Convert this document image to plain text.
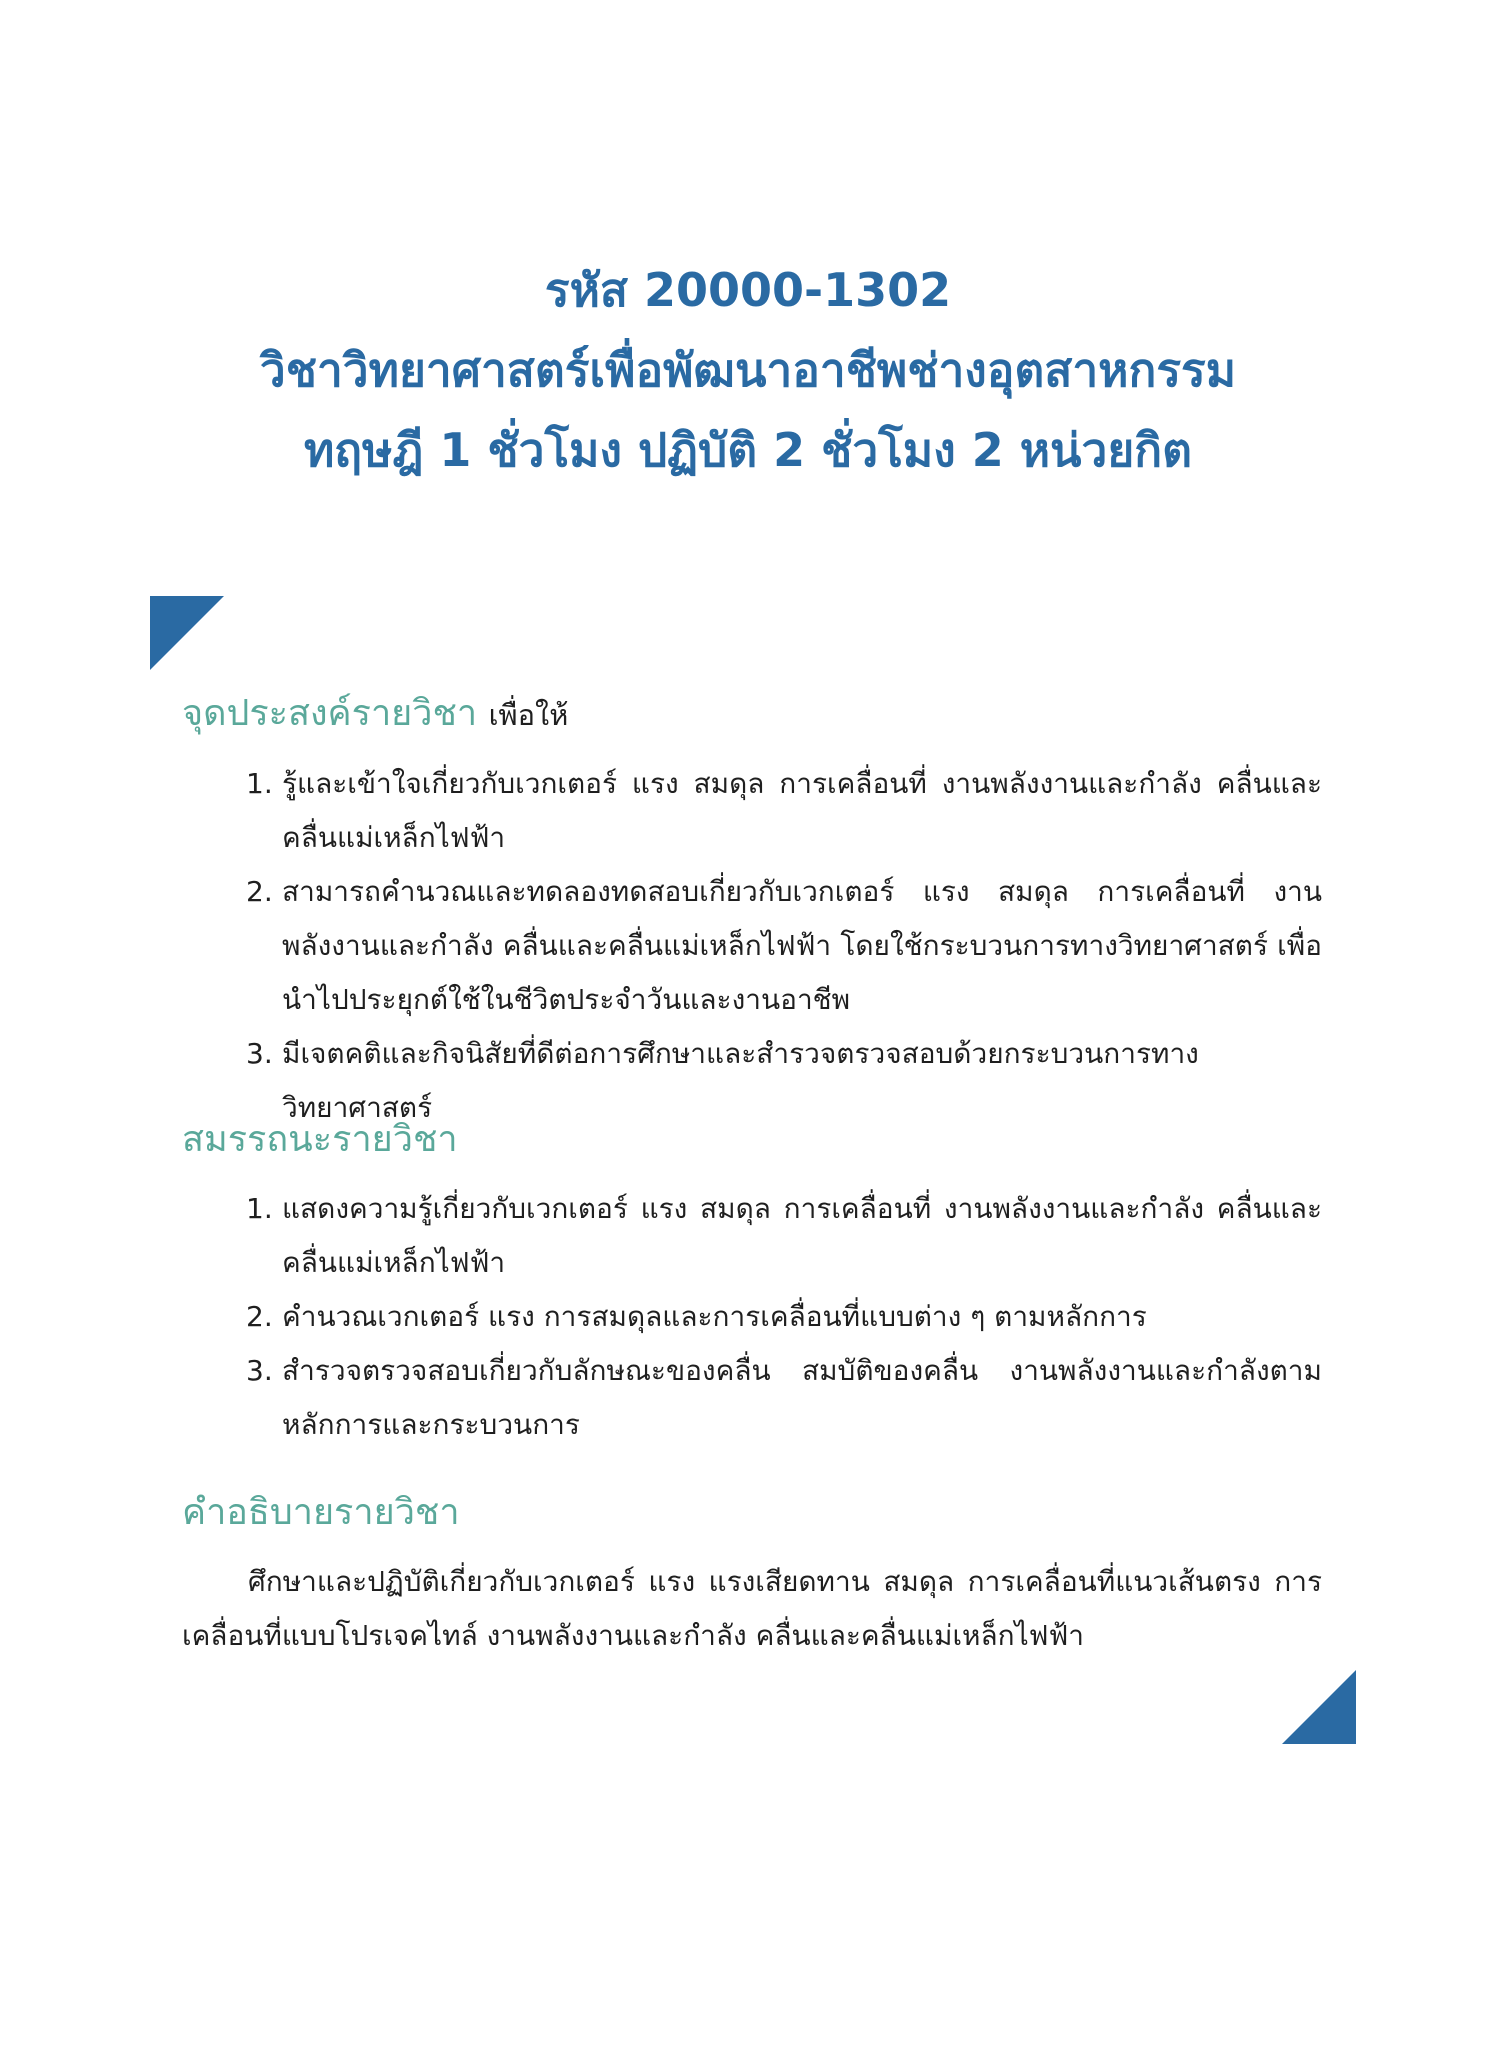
รหัส 20000-1302
วิชาวิทยาศาสตร์เพื่อพัฒนาอาชีพช่างอุตสาหกรรม
ทฤษฎี 1 ชั่วโมง ปฏิบัติ 2 ชั่วโมง 2 หน่วยกิต
จุดประสงค์รายวิชา เพื่อให้
1. รู้และเข้าใจเกี่ยวกับเวกเตอร์ แรง สมดุล การเคลื่อนที่ งานพลังงานและกำลัง คลื่นและคลื่นแม่เหล็กไฟฟ้า
2. สามารถคำนวณและทดลองทดสอบเกี่ยวกับเวกเตอร์ แรง สมดุล การเคลื่อนที่ งานพลังงานและกำลัง คลื่นและคลื่นแม่เหล็กไฟฟ้า โดยใช้กระบวนการทางวิทยาศาสตร์ เพื่อนำไปประยุกต์ใช้ในชีวิตประจำวันและงานอาชีพ
3. มีเจตคติและกิจนิสัยที่ดีต่อการศึกษาและสำรวจตรวจสอบด้วยกระบวนการทางวิทยาศาสตร์
สมรรถนะรายวิชา
1. แสดงความรู้เกี่ยวกับเวกเตอร์ แรง สมดุล การเคลื่อนที่ งานพลังงานและกำลัง คลื่นและคลื่นแม่เหล็กไฟฟ้า
2. คำนวณเวกเตอร์ แรง การสมดุลและการเคลื่อนที่แบบต่าง ๆ ตามหลักการ
3. สำรวจตรวจสอบเกี่ยวกับลักษณะของคลื่น สมบัติของคลื่น งานพลังงานและกำลังตามหลักการและกระบวนการ
คำอธิบายรายวิชา

ศึกษาและปฏิบัติเกี่ยวกับเวกเตอร์ แรง แรงเสียดทาน สมดุล การเคลื่อนที่แนวเส้นตรง การเคลื่อนที่แบบโปรเจคไทล์ งานพลังงานและกำลัง คลื่นและคลื่นแม่เหล็กไฟฟ้า
